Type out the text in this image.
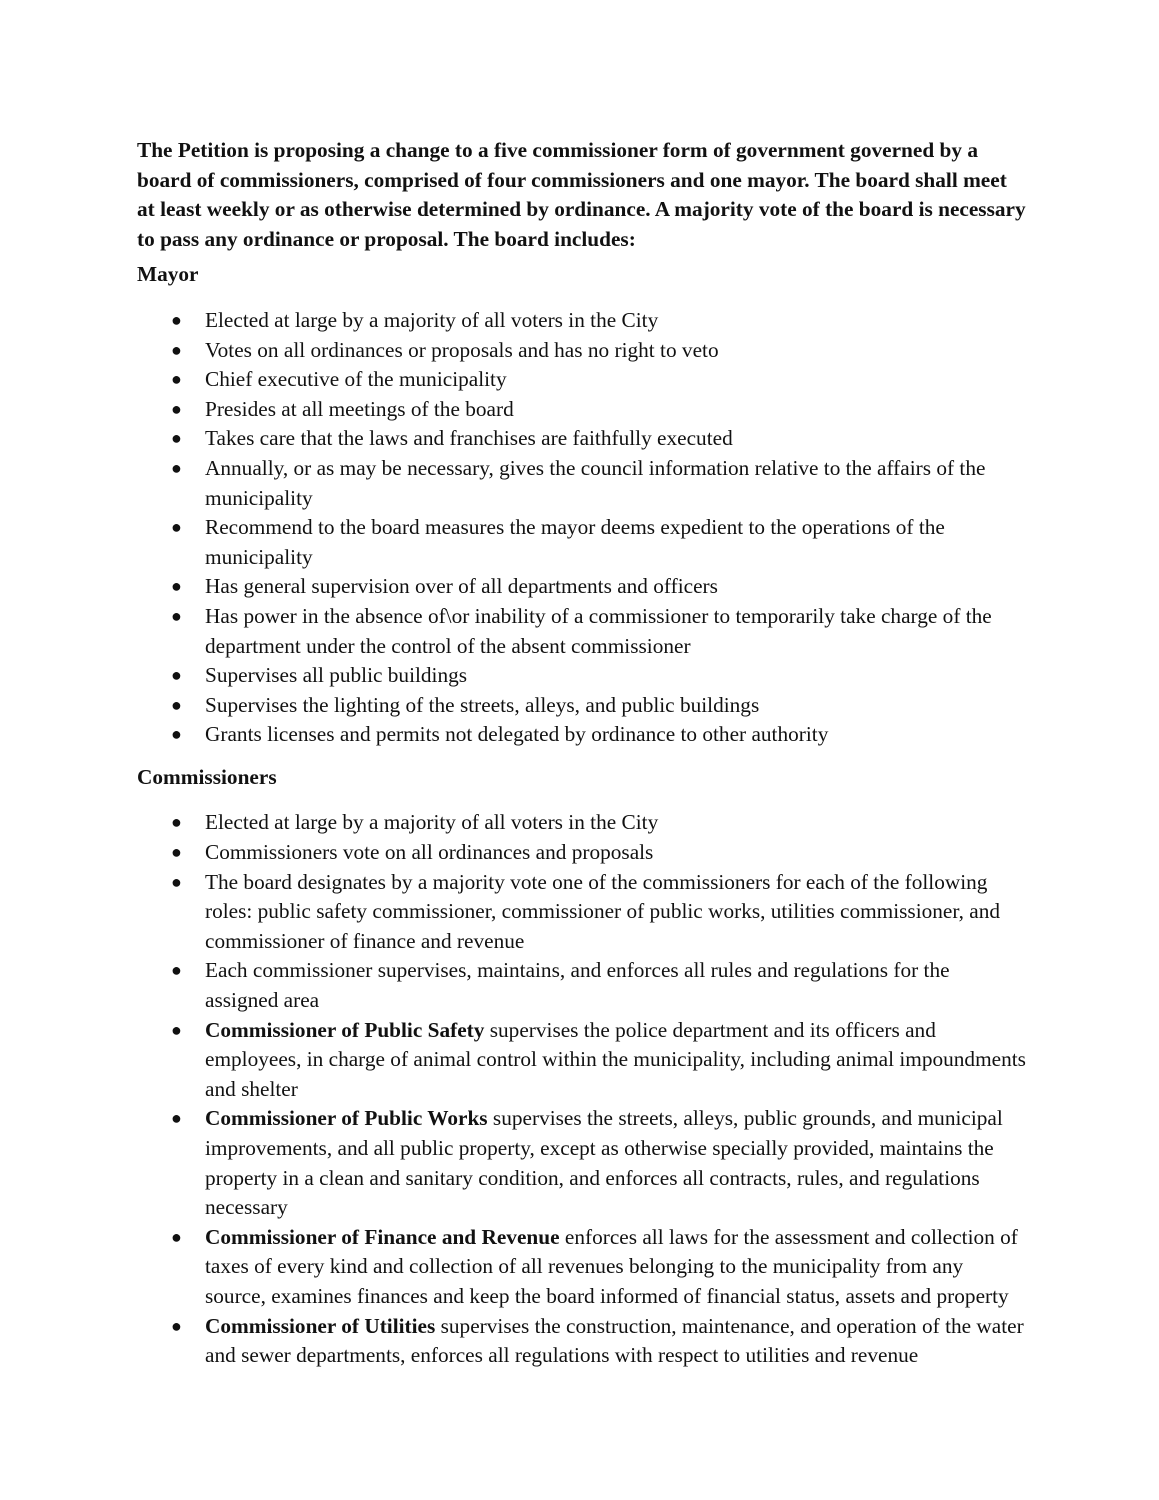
The Petition is proposing a change to a five commissioner form of government governed by a board of commissioners, comprised of four commissioners and one mayor. The board shall meet at least weekly or as otherwise determined by ordinance. A majority vote of the board is necessary to pass any ordinance or proposal. The board includes:

Mayor

● Elected at large by a majority of all voters in the City
● Votes on all ordinances or proposals and has no right to veto
● Chief executive of the municipality
● Presides at all meetings of the board
● Takes care that the laws and franchises are faithfully executed
● Annually, or as may be necessary, gives the council information relative to the affairs of the municipality
● Recommend to the board measures the mayor deems expedient to the operations of the municipality
● Has general supervision over of all departments and officers
● Has power in the absence of\or inability of a commissioner to temporarily take charge of the department under the control of the absent commissioner
● Supervises all public buildings
● Supervises the lighting of the streets, alleys, and public buildings
● Grants licenses and permits not delegated by ordinance to other authority

Commissioners

● Elected at large by a majority of all voters in the City
● Commissioners vote on all ordinances and proposals
● The board designates by a majority vote one of the commissioners for each of the following roles: public safety commissioner, commissioner of public works, utilities commissioner, and commissioner of finance and revenue
● Each commissioner supervises, maintains, and enforces all rules and regulations for the assigned area
● Commissioner of Public Safety supervises the police department and its officers and employees, in charge of animal control within the municipality, including animal impoundments and shelter
● Commissioner of Public Works supervises the streets, alleys, public grounds, and municipal improvements, and all public property, except as otherwise specially provided, maintains the property in a clean and sanitary condition, and enforces all contracts, rules, and regulations necessary
● Commissioner of Finance and Revenue enforces all laws for the assessment and collection of taxes of every kind and collection of all revenues belonging to the municipality from any source, examines finances and keep the board informed of financial status, assets and property
● Commissioner of Utilities supervises the construction, maintenance, and operation of the water and sewer departments, enforces all regulations with respect to utilities and revenue
